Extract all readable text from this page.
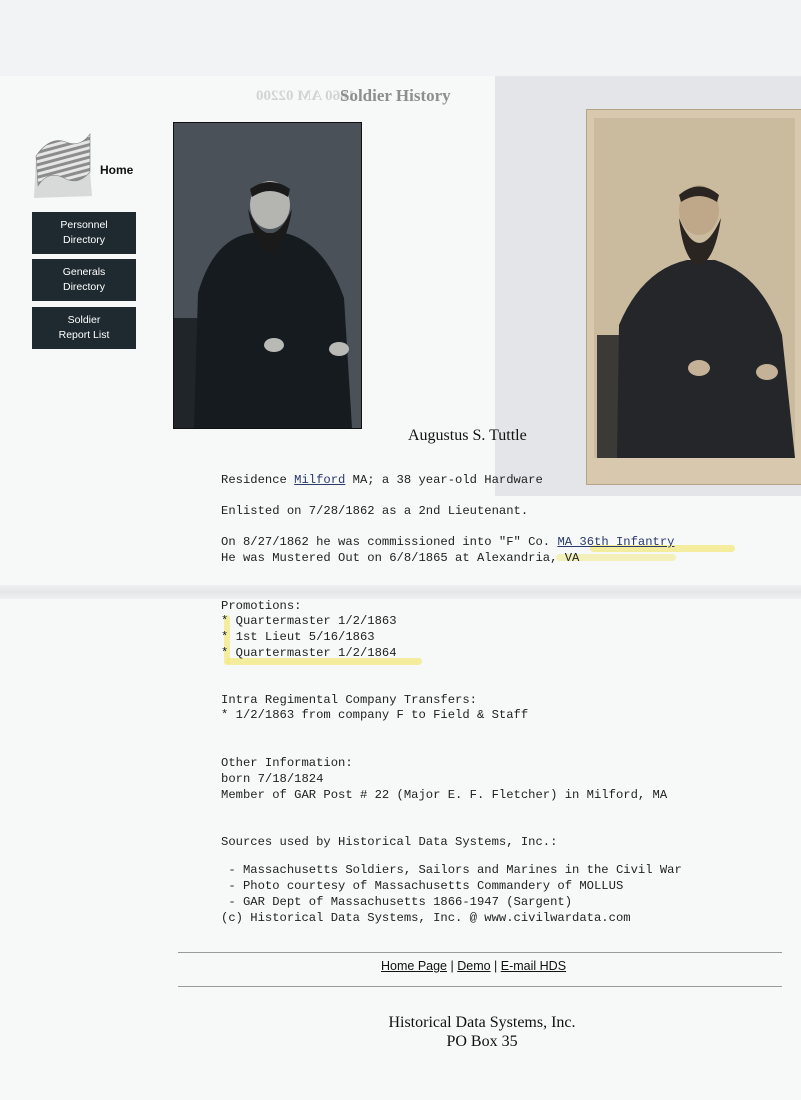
1660 AM 02200
Soldier History
Home
Personnel
Directory
Generals
Directory
Soldier
Report List
Augustus S. Tuttle
Residence Milford MA; a 38 year-old Hardware
Enlisted on 7/28/1862 as a 2nd Lieutenant.
On 8/27/1862 he was commissioned into "F" Co. MA 36th Infantry
He was Mustered Out on 6/8/1865 at Alexandria, VA
Promotions:
* Quartermaster 1/2/1863
* 1st Lieut 5/16/1863
* Quartermaster 1/2/1864
Intra Regimental Company Transfers:
* 1/2/1863 from company F to Field & Staff
Other Information:
born 7/18/1824
Member of GAR Post # 22 (Major E. F. Fletcher) in Milford, MA
Sources used by Historical Data Systems, Inc.:
- Massachusetts Soldiers, Sailors and Marines in the Civil War
- Photo courtesy of Massachusetts Commandery of MOLLUS
- GAR Dept of Massachusetts 1866-1947 (Sargent)
(c) Historical Data Systems, Inc. @ www.civilwardata.com
Home Page | Demo | E-mail HDS
Historical Data Systems, Inc.
PO Box 35
